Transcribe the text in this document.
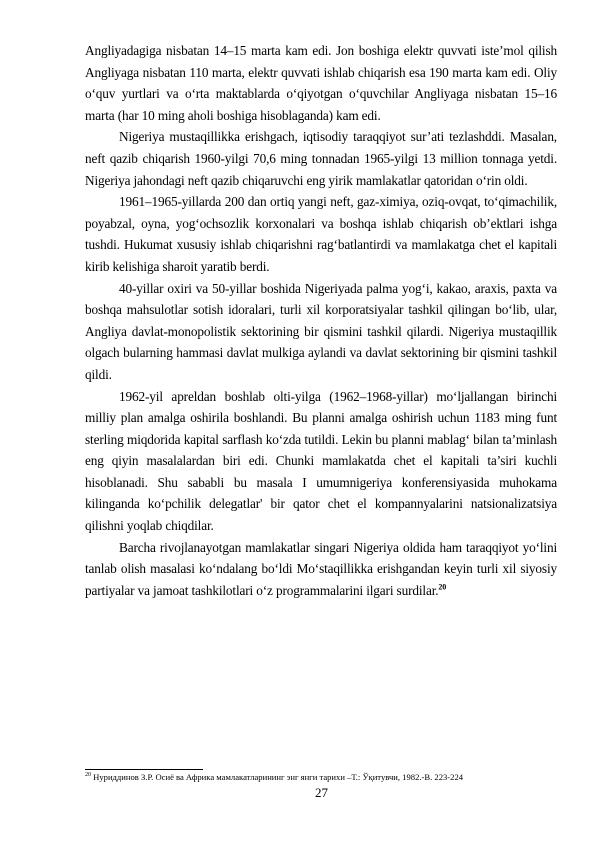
Angliyadagiga nisbatan 14–15 marta kam edi. Jon boshiga elektr quvvati iste’mol qilish Angliyaga nisbatan 110 marta, elektr quvvati ishlab chiqarish esa 190 marta kam edi. Oliy o‘quv yurtlari va o‘rta maktablarda o‘qiyotgan o‘quvchilar Angliyaga nisbatan 15–16 marta (har 10 ming aholi boshiga hisoblaganda) kam edi.

Nigeriya mustaqillikka erishgach, iqtisodiy taraqqiyot sur’ati tezlashddi. Masalan, neft qazib chiqarish 1960-yilgi 70,6 ming tonnadan 1965-yilgi 13 million tonnaga yetdi. Nigeriya jahondagi neft qazib chiqaruvchi eng yirik mamlakatlar qatoridan o‘rin oldi.

1961–1965-yillarda 200 dan ortiq yangi neft, gaz-ximiya, oziq-ovqat, to‘qimachilik, poyabzal, oyna, yog‘ochsozlik korxonalari va boshqa ishlab chiqarish ob’ektlari ishga tushdi. Hukumat xususiy ishlab chiqarishni rag‘batlantirdi va mamlakatga chet el kapitali kirib kelishiga sharoit yaratib berdi.

40-yillar oxiri va 50-yillar boshida Nigeriyada palma yog‘i, kakao, araxis, paxta va boshqa mahsulotlar sotish idoralari, turli xil korporatsiyalar tashkil qilingan bo‘lib, ular, Angliya davlat-monopolistik sektorining bir qismini tashkil qilardi. Nigeriya mustaqillik olgach bularning hammasi davlat mulkiga aylandi va davlat sektorining bir qismini tashkil qildi.

1962-yil apreldan boshlab olti-yilga (1962–1968-yillar) mo‘ljallangan birinchi milliy plan amalga oshirila boshlandi. Bu planni amalga oshirish uchun 1183 ming funt sterling miqdorida kapital sarflash ko‘zda tutildi. Lekin bu planni mablag‘ bilan ta’minlash eng qiyin masalalardan biri edi. Chunki mamlakatda chet el kapitali ta’siri kuchli hisoblanadi. Shu sababli bu masala I umumnigeriya konferensiyasida muhokama kilinganda ko‘pchilik delegatlar' bir qator chet el kompannyalarini natsionalizatsiya qilishni yoqlab chiqdilar.

Barcha rivojlanayotgan mamlakatlar singari Nigeriya oldida ham taraqqiyot yo‘lini tanlab olish masalasi ko‘ndalang bo‘ldi Mo‘staqillikka erishgandan keyin turli xil siyosiy partiyalar va jamoat tashkilotlari o‘z programmalarini ilgari surdilar.$^{20}$

$^{20}$ Нуриддинов З.Р. Осиё ва Африка мамлакатларининг энг янги тарихи –Т.: Ўқитувчи, 1982.-В. 223-224
27
